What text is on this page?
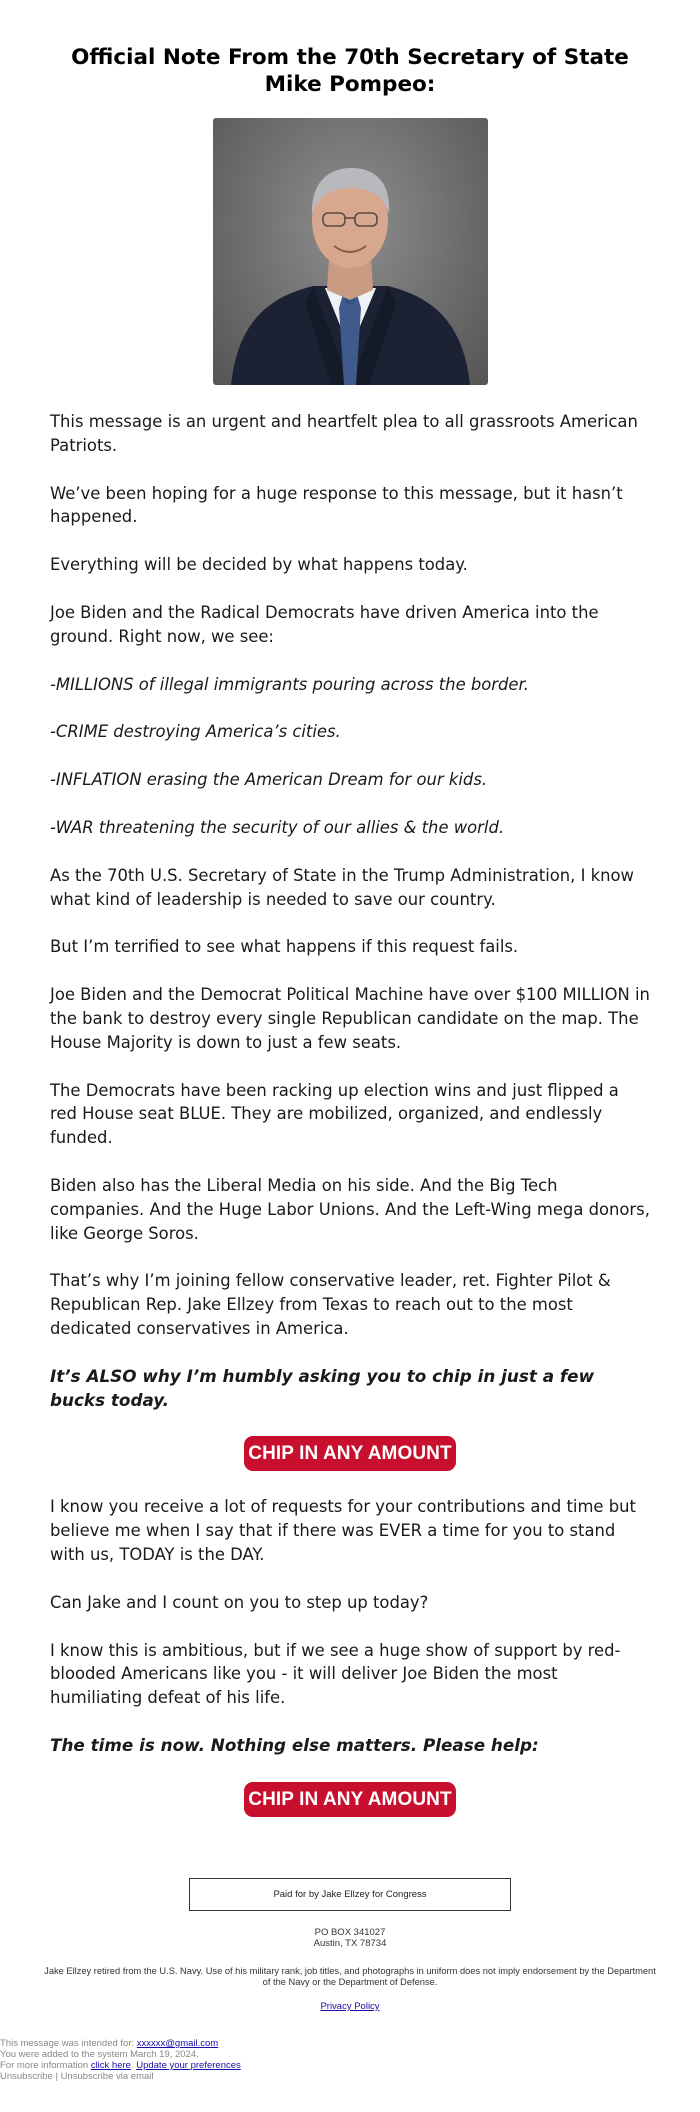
Official Note From the 70th Secretary of State Mike Pompeo:

This message is an urgent and heartfelt plea to all grassroots American Patriots.

We’ve been hoping for a huge response to this message, but it hasn’t happened.

Everything will be decided by what happens today.

Joe Biden and the Radical Democrats have driven America into the ground. Right now, we see:

-MILLIONS of illegal immigrants pouring across the border.

-CRIME destroying America’s cities.

-INFLATION erasing the American Dream for our kids.

-WAR threatening the security of our allies & the world.

As the 70th U.S. Secretary of State in the Trump Administration, I know what kind of leadership is needed to save our country.

But I’m terrified to see what happens if this request fails.

Joe Biden and the Democrat Political Machine have over $100 MILLION in the bank to destroy every single Republican candidate on the map. The House Majority is down to just a few seats.

The Democrats have been racking up election wins and just flipped a red House seat BLUE. They are mobilized, organized, and endlessly funded.

Biden also has the Liberal Media on his side. And the Big Tech companies. And the Huge Labor Unions. And the Left-Wing mega donors, like George Soros.

That’s why I’m joining fellow conservative leader, ret. Fighter Pilot & Republican Rep. Jake Ellzey from Texas to reach out to the most dedicated conservatives in America.

It’s ALSO why I’m humbly asking you to chip in just a few bucks today.

CHIP IN ANY AMOUNT

I know you receive a lot of requests for your contributions and time but believe me when I say that if there was EVER a time for you to stand with us, TODAY is the DAY.

Can Jake and I count on you to step up today?

I know this is ambitious, but if we see a huge show of support by red-blooded Americans like you - it will deliver Joe Biden the most humiliating defeat of his life.

The time is now. Nothing else matters. Please help:

CHIP IN ANY AMOUNT
Paid for by Jake Ellzey for Congress
PO BOX 341027
Austin, TX 78734
Jake Ellzey retired from the U.S. Navy. Use of his military rank, job titles, and photographs in uniform does not imply endorsement by the Department of the Navy or the Department of Defense.
Privacy Policy
This message was intended for: xxxxxx@gmail.com
You were added to the system March 19, 2024.
For more information click here. Update your preferences
Unsubscribe | Unsubscribe via email
